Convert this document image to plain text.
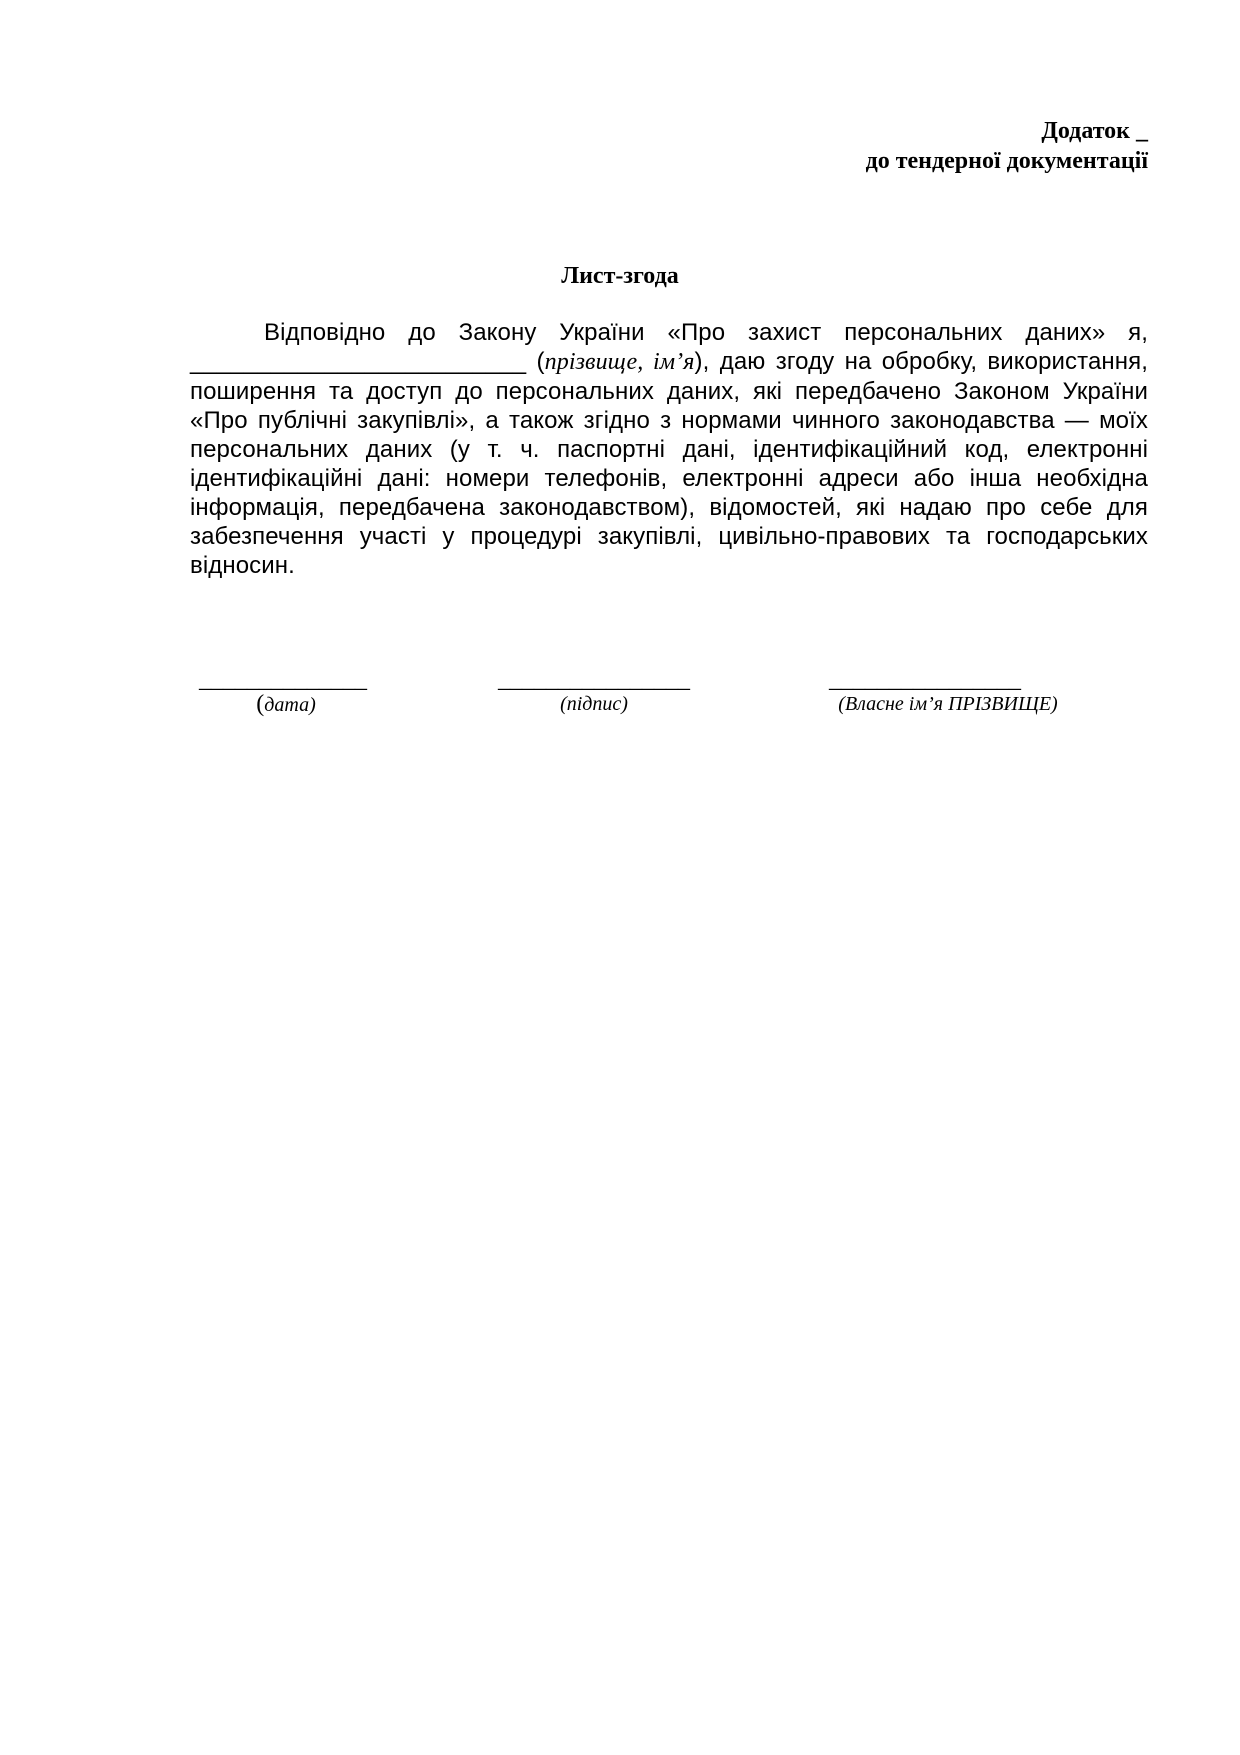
Додаток _
до тендерної документації
Лист-згода
Відповідно до Закону України «Про захист персональних даних» я, _________________________ (прізвище, ім’я), даю згоду на обробку, використання, поширення та доступ до персональних даних, які передбачено Законом України «Про публічні закупівлі», а також згідно з нормами чинного законодавства — моїх персональних даних (у т. ч. паспортні дані, ідентифікаційний код, електронні ідентифікаційні дані: номери телефонів, електронні адреси або інша необхідна інформація, передбачена законодавством), відомостей, які надаю про себе для забезпечення участі у процедурі закупівлі, цивільно-правових та господарських відносин.
______________
(дата)
________________
(підпис)
________________
(Власне ім’я ПРІЗВИЩЕ)
